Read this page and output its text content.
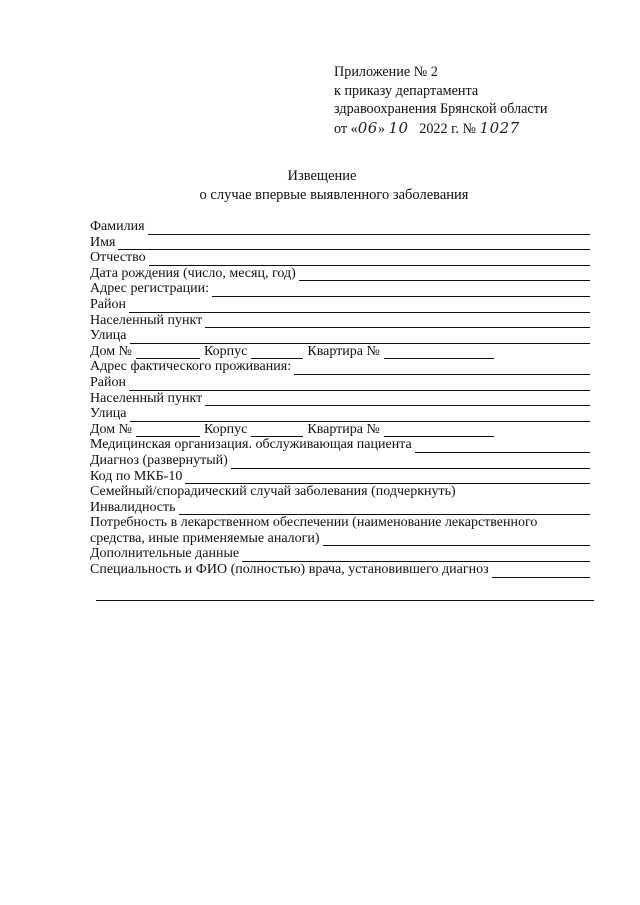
Приложение № 2
к приказу департамента
здравоохранения Брянской области
от «06» 10 2022 г. № 1027
Извещение
о случае впервые выявленного заболевания
Фамилия
Имя
Отчество
Дата рождения (число, месяц, год)
Адрес регистрации:
Район
Населенный пункт
Улица
Дом №	Корпус	Квартира №
Адрес фактического проживания:
Район
Населенный пункт
Улица
Дом №	Корпус	Квартира №
Медицинская организация. обслуживающая пациента
Диагноз (развернутый)
Код по МКБ-10
Семейный/спорадический случай заболевания (подчеркнуть)
Инвалидность
Потребность в лекарственном обеспечении (наименование лекарственного
средства, иные применяемые аналоги)
Дополнительные данные
Специальность и ФИО (полностью) врача, установившего диагноз
